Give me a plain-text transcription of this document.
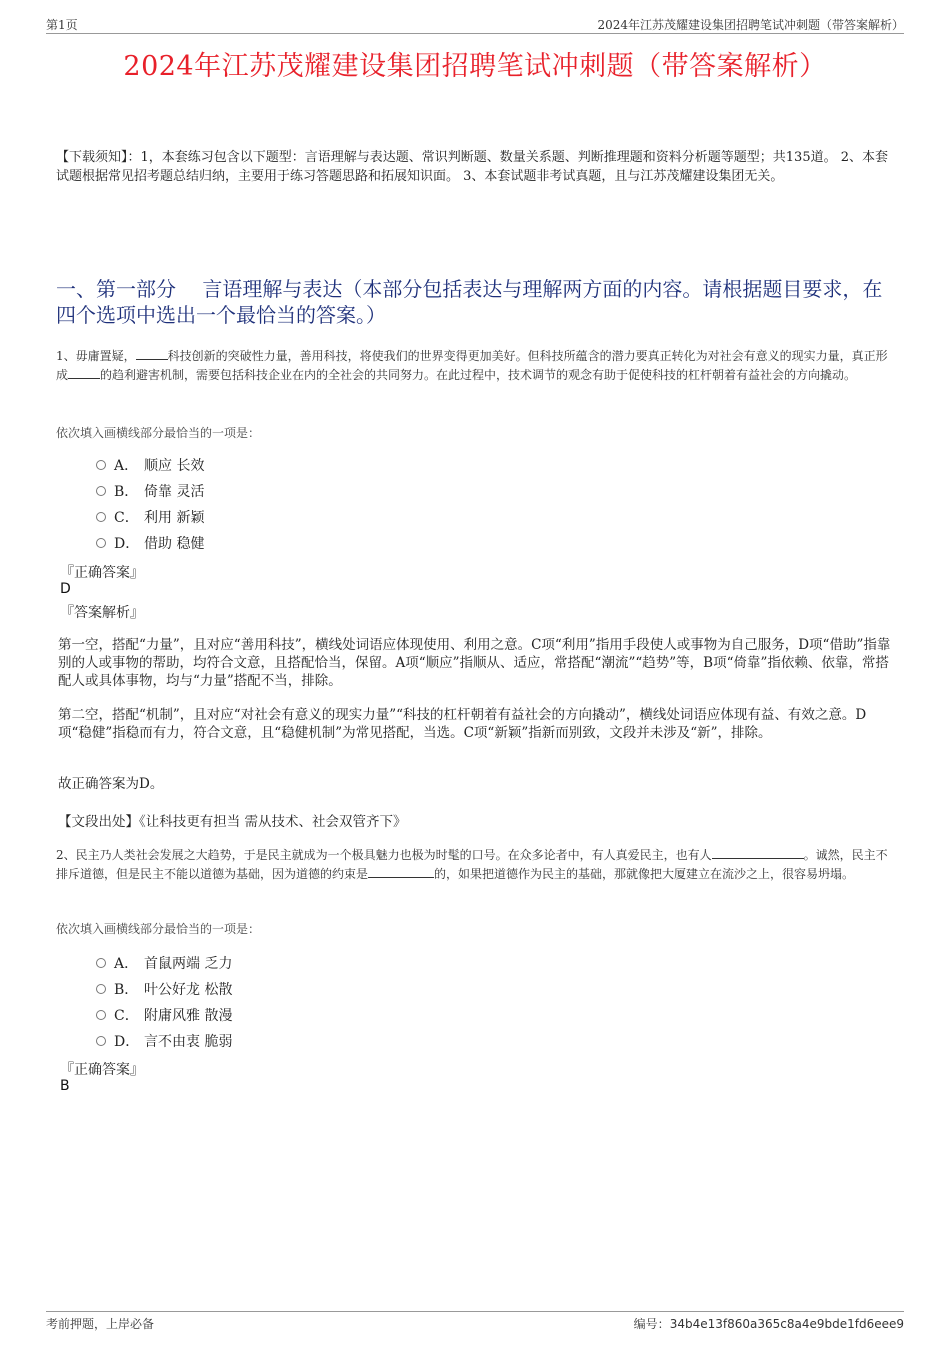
第1页	2024年江苏茂耀建设集团招聘笔试冲刺题（带答案解析）
2024年江苏茂耀建设集团招聘笔试冲刺题（带答案解析）
【下载须知】：1，本套练习包含以下题型：言语理解与表达题、常识判断题、数量关系题、判断推理题和资料分析题等题型；共135道。 2、本套试题根据常见招考题总结归纳，主要用于练习答题思路和拓展知识面。 3、本套试题非考试真题，且与江苏茂耀建设集团无关。
一、第一部分　 言语理解与表达（本部分包括表达与理解两方面的内容。请根据题目要求，在四个选项中选出一个最恰当的答案。）
1、毋庸置疑，	科技创新的突破性力量，善用科技，将使我们的世界变得更加美好。但科技所蕴含的潜力要真正转化为对社会有意义的现实力量，真正形成	的趋利避害机制，需要包括科技企业在内的全社会的共同努力。在此过程中，技术调节的观念有助于促使科技的杠杆朝着有益社会的方向撬动。
依次填入画横线部分最恰当的一项是：
A． 顺应 长效
B． 倚靠 灵活
C． 利用 新颖
D． 借助 稳健
『正确答案』
D
『答案解析』
第一空，搭配“力量”，且对应“善用科技”，横线处词语应体现使用、利用之意。C项“利用”指用手段使人或事物为自己服务，D项“借助”指靠别的人或事物的帮助，均符合文意，且搭配恰当，保留。A项“顺应”指顺从、适应，常搭配“潮流”“趋势”等，B项“倚靠”指依赖、依靠，常搭配人或具体事物，均与“力量”搭配不当，排除。
第二空，搭配“机制”，且对应“对社会有意义的现实力量”“科技的杠杆朝着有益社会的方向撬动”，横线处词语应体现有益、有效之意。D项“稳健”指稳而有力，符合文意，且“稳健机制”为常见搭配，当选。C项“新颖”指新而别致，文段并未涉及“新”，排除。
故正确答案为D。
【文段出处】《让科技更有担当 需从技术、社会双管齐下》
2、民主乃人类社会发展之大趋势，于是民主就成为一个极具魅力也极为时髦的口号。在众多论者中，有人真爱民主，也有人	。诚然，民主不排斥道德，但是民主不能以道德为基础，因为道德的约束是	的，如果把道德作为民主的基础，那就像把大厦建立在流沙之上，很容易坍塌。
依次填入画横线部分最恰当的一项是：
A． 首鼠两端 乏力
B． 叶公好龙 松散
C． 附庸风雅 散漫
D． 言不由衷 脆弱
『正确答案』
B
考前押题，上岸必备	编号：34b4e13f860a365c8a4e9bde1fd6eee9
